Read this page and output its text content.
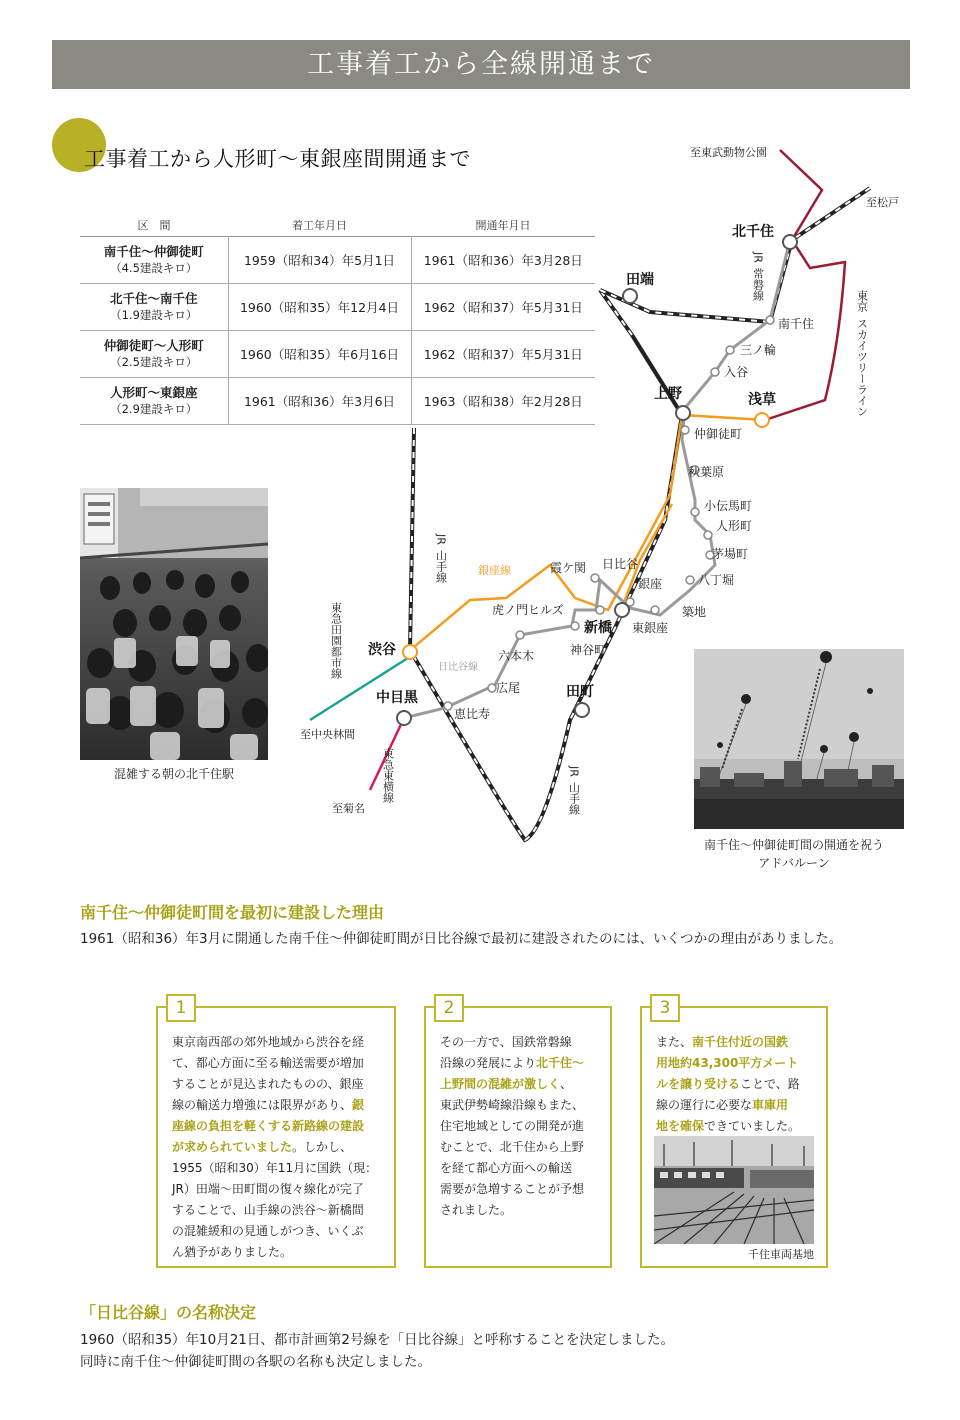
工事着工から全線開通まで
工事着工から人形町〜東銀座間開通まで
区　間	着工年月日	開通年月日

南千住〜仲御徒町
（4.5建設キロ）	1959（昭和34）年5月1日	1961（昭和36）年3月28日

北千住〜南千住
（1.9建設キロ）	1960（昭和35）年12月4日	1962（昭和37）年5月31日

仲御徒町〜人形町
（2.5建設キロ）	1960（昭和35）年6月16日	1962（昭和37）年5月31日

人形町〜東銀座
（2.9建設キロ）	1961（昭和36）年3月6日	1963（昭和38）年2月28日
混雑する朝の北千住駅
南千住〜仲御徒町間の開通を祝う
アドバルーン
至東武動物公園
至松戸
至中央林間
至菊名
東京
スカイツリーライン
JR
常磐線
JR
山手線
JR
山手線
東急田園都市線
東急東横線
銀座線
日比谷線
北千住
田端
上野	浅草
新橋
渋谷
中目黒	田町
南千住
三ノ輪
入谷
仲御徒町
秋葉原
小伝馬町
人形町
茅場町
八丁堀
築地
東銀座
銀座
日比谷
霞ケ関
虎ノ門ヒルズ
神谷町
六本木
広尾
恵比寿
南千住〜仲御徒町間を最初に建設した理由
1961（昭和36）年3月に開通した南千住〜仲御徒町間が日比谷線で最初に建設されたのには、いくつかの理由がありました。
1
東京南西部の郊外地域から渋谷を経
て、都心方面に至る輸送需要が増加
することが見込まれたものの、銀座
線の輸送力増強には限界があり、銀
座線の負担を軽くする新路線の建設
が求められていました。しかし、
1955（昭和30）年11月に国鉄（現：
JR）田端〜田町間の復々線化が完了
することで、山手線の渋谷〜新橋間
の混雑緩和の見通しがつき、いくぶ
ん猶予がありました。
2
その一方で、国鉄常磐線
沿線の発展により北千住〜
上野間の混雑が激しく、
東武伊勢崎線沿線もまた、
住宅地域としての開発が進
むことで、北千住から上野
を経て都心方面への輸送
需要が急増することが予想
されました。
3
また、南千住付近の国鉄
用地約43,300平方メート
ルを譲り受けることで、路
線の運行に必要な車庫用
地を確保できていました。
千住車両基地
「日比谷線」の名称決定
1960（昭和35）年10月21日、都市計画第2号線を「日比谷線」と呼称することを決定しました。
同時に南千住〜仲御徒町間の各駅の名称も決定しました。
